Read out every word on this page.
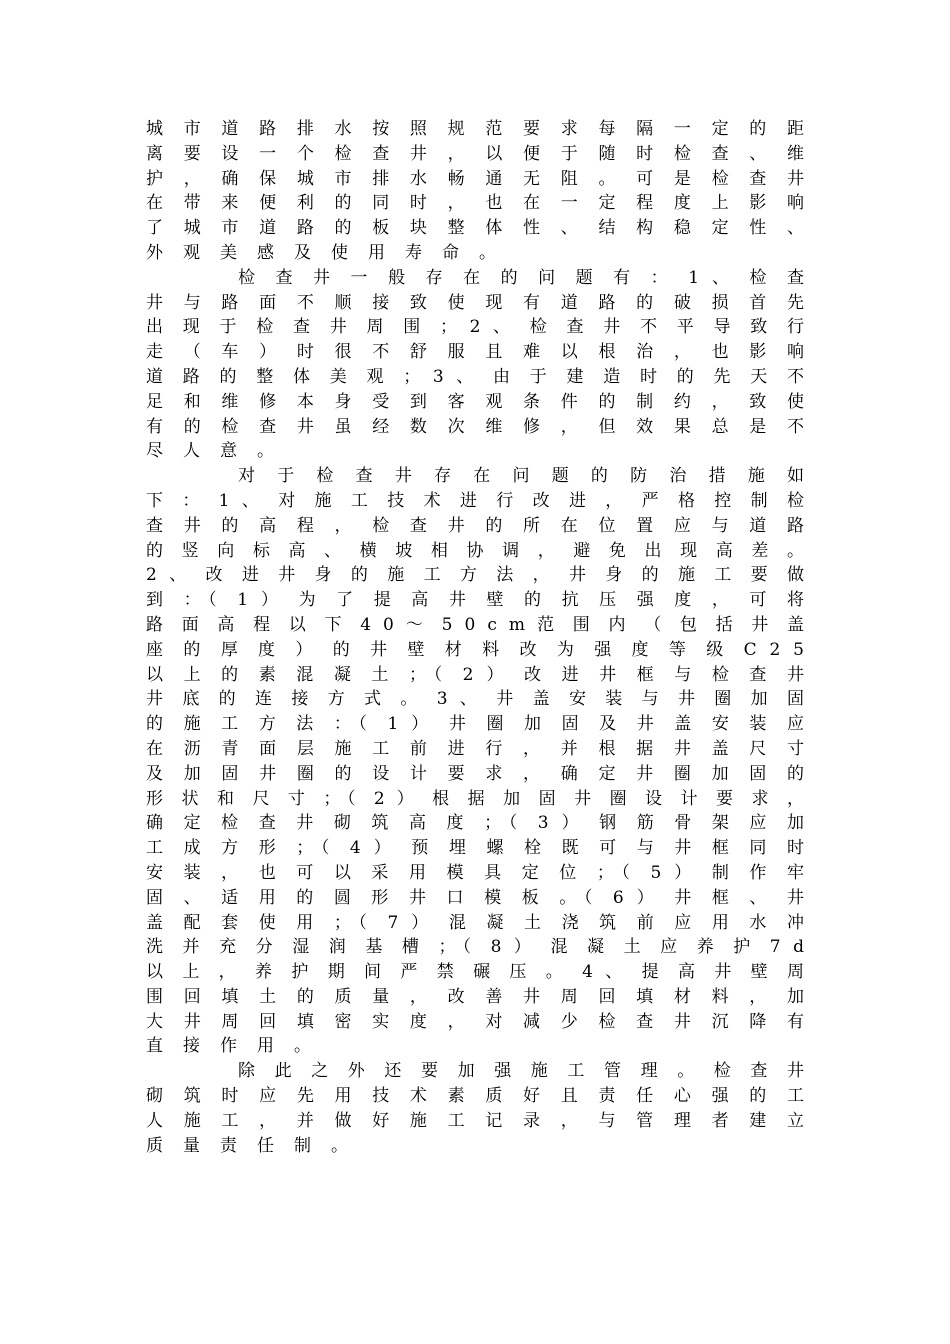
城 市 道 路 排 水 按 照 规 范 要 求 每 隔 一 定 的 距
离 要 设 一 个 检 查 井 ， 以 便 于 随 时 检 查 、 维
护 ， 确 保 城 市 排 水 畅 通 无 阻 。 可 是 检 查 井
在 带 来 便 利 的 同 时 ， 也 在 一 定 程 度 上 影 响
了 城 市 道 路 的 板 块 整 体 性 、 结 构 稳 定 性 、
外观美感及使用寿命。
检 查 井 一 般 存 在 的 问 题 有 ： 1 、 检 查
井 与 路 面 不 顺 接 致 使 现 有 道 路 的 破 损 首 先
出 现 于 检 查 井 周 围 ； 2 、 检 查 井 不 平 导 致 行
走 （ 车 ） 时 很 不 舒 服 且 难 以 根 治 ， 也 影 响
道 路 的 整 体 美 观 ； 3 、 由 于 建 造 时 的 先 天 不
足 和 维 修 本 身 受 到 客 观 条 件 的 制 约 ， 致 使
有 的 检 查 井 虽 经 数 次 维 修 ， 但 效 果 总 是 不
尽人意。
对 于 检 查 井 存 在 问 题 的 防 治 措 施 如
下 ： 1 、 对 施 工 技 术 进 行 改 进 ， 严 格 控 制 检
查 井 的 高 程 ， 检 查 井 的 所 在 位 置 应 与 道 路
的 竖 向 标 高 、 横 坡 相 协 调 ， 避 免 出 现 高 差 。
2 、 改 进 井 身 的 施 工 方 法 ， 井 身 的 施 工 要 做
到 ：（ 1 ） 为 了 提 高 井 壁 的 抗 压 强 度 ， 可 将
路 面 高 程 以 下 4 0 ～ 5 0 c m 范 围 内 （ 包 括 井 盖
座 的 厚 度 ） 的 井 壁 材 料 改 为 强 度 等 级 C 2 5
以 上 的 素 混 凝 土 ；（ 2 ） 改 进 井 框 与 检 查 井
井 底 的 连 接 方 式 。 3 、 井 盖 安 装 与 井 圈 加 固
的 施 工 方 法 ：（ 1 ） 井 圈 加 固 及 井 盖 安 装 应
在 沥 青 面 层 施 工 前 进 行 ， 并 根 据 井 盖 尺 寸
及 加 固 井 圈 的 设 计 要 求 ， 确 定 井 圈 加 固 的
形 状 和 尺 寸 ；（ 2 ） 根 据 加 固 井 圈 设 计 要 求 ，
确 定 检 查 井 砌 筑 高 度 ；（ 3 ） 钢 筋 骨 架 应 加
工 成 方 形 ；（ 4 ） 预 埋 螺 栓 既 可 与 井 框 同 时
安 装 ， 也 可 以 采 用 模 具 定 位 ；（ 5 ） 制 作 牢
固 、 适 用 的 圆 形 井 口 模 板 。（ 6 ） 井 框 、 井
盖 配 套 使 用 ；（ 7 ） 混 凝 土 浇 筑 前 应 用 水 冲
洗 并 充 分 湿 润 基 槽 ；（ 8 ） 混 凝 土 应 养 护 7 d
以 上 ， 养 护 期 间 严 禁 碾 压 。 4 、 提 高 井 壁 周
围 回 填 土 的 质 量 ， 改 善 井 周 回 填 材 料 ， 加
大 井 周 回 填 密 实 度 ， 对 减 少 检 查 井 沉 降 有
直接作用。
除 此 之 外 还 要 加 强 施 工 管 理 。 检 查 井
砌 筑 时 应 先 用 技 术 素 质 好 且 责 任 心 强 的 工
人 施 工 ， 并 做 好 施 工 记 录 ， 与 管 理 者 建 立
质量责任制。
